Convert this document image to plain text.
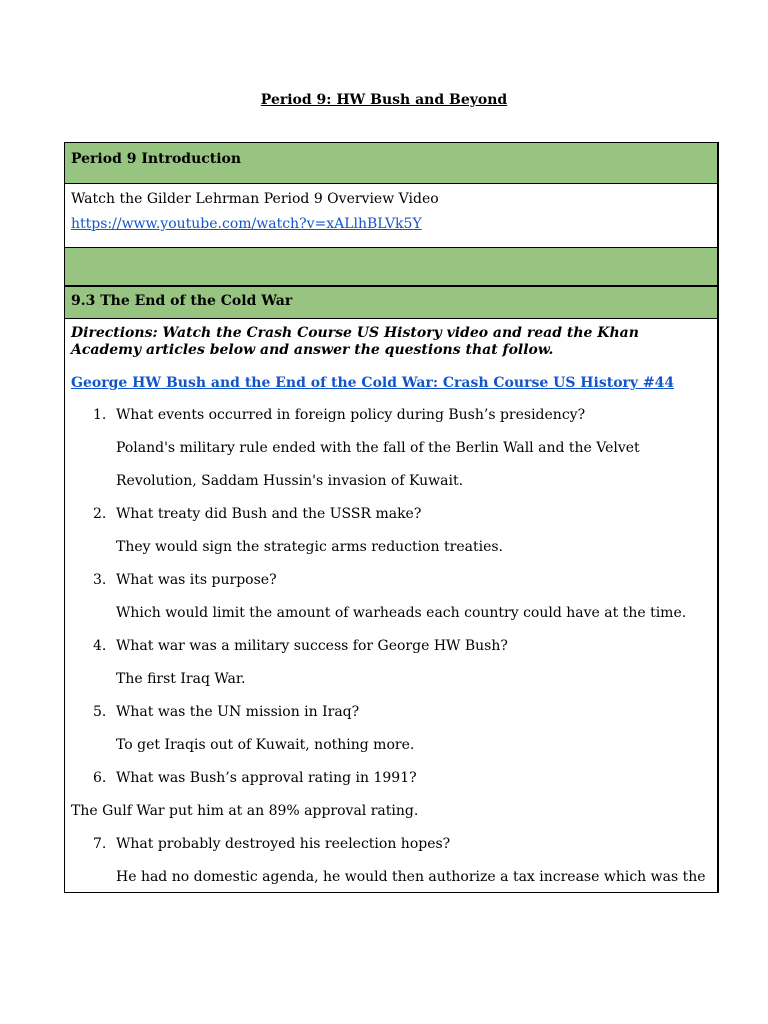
Period 9: HW Bush and Beyond
Period 9 Introduction
Watch the Gilder Lehrman Period 9 Overview Video
https://www.youtube.com/watch?v=xALlhBLVk5Y
9.3 The End of the Cold War
Directions: Watch the Crash Course US History video and read the Khan Academy articles below and answer the questions that follow.
George HW Bush and the End of the Cold War: Crash Course US History #44
1. What events occurred in foreign policy during Bush’s presidency?
Poland's military rule ended with the fall of the Berlin Wall and the Velvet
Revolution, Saddam Hussin's invasion of Kuwait.
2. What treaty did Bush and the USSR make?
They would sign the strategic arms reduction treaties.
3. What was its purpose?
Which would limit the amount of warheads each country could have at the time.
4. What war was a military success for George HW Bush?
The first Iraq War.
5. What was the UN mission in Iraq?
To get Iraqis out of Kuwait, nothing more.
6. What was Bush’s approval rating in 1991?
The Gulf War put him at an 89% approval rating.
7. What probably destroyed his reelection hopes?
He had no domestic agenda, he would then authorize a tax increase which was the
